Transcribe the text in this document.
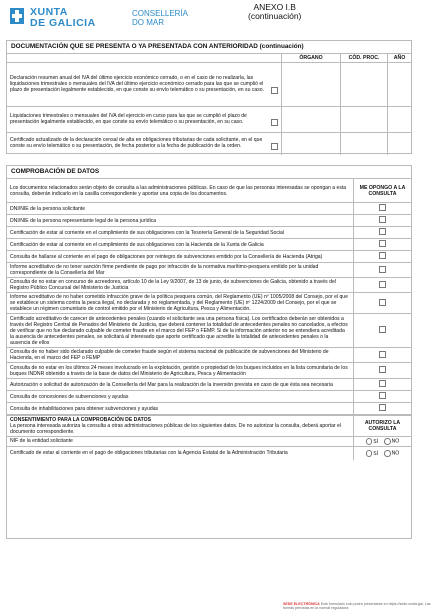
XUNTA
DE GALICIA
CONSELLERÍA
DO MAR
ANEXO I.B
(continuación)
DOCUMENTACIÓN QUE SE PRESENTA O YA PRESENTADA CON ANTERIORIDAD (continuación)
	ÓRGANO	CÓD. PROC.	AÑO
Declaración resumen anual del IVA del último ejercicio económico cerrado, o en el caso de no realizarla, las liquidaciones trimestrales o mensuales del IVA del último ejercicio económico cerrado para las que se cumplió el plazo de presentación legalmente establecido, en que conste su envío telemático o su presentación, en su caso.

Liquidaciones trimestrales o mensuales del IVA del ejercicio en curso para las que se cumplió el plazo de presentación legalmente establecido, en que conste su envío telemático o su presentación, en su caso.

Certificado actualizado de la declaración censal de alta en obligaciones tributarias de cada solicitante, en el que conste su envío telemático o su presentación, de fecha posterior a la fecha de publicación de la orden.

COMPROBACIÓN DE DATOS
Los documentos relacionados serán objeto de consulta a las administraciones públicas. En caso de que las personas interesadas se opongan a esta consulta, deberán indicarlo en la casilla correspondiente y aportar una copia de los documentos.	ME OPONGO A LA CONSULTA
DNI/NIE de la persona solicitante	
DNI/NIE de la persona representante legal de la persona jurídica	
Certificación de estar al corriente en el cumplimiento de sus obligaciones con la Tesorería General de la Seguridad Social	
Certificación de estar al corriente en el cumplimiento de sus obligaciones con la Hacienda de la Xunta de Galicia	
Consulta de hallarse al corriente en el pago de obligaciones por reintegro de subvenciones emitido por la Consellería de Hacienda (Atriga)	
Informe acreditativo de no tener sanción firme pendiente de pago por infracción de la normativa marítimo-pesquera emitido por la unidad correspondiente de la Consellería del Mar	
Consulta de no estar en concurso de acreedores, artículo 10 de la Ley 9/2007, de 13 de junio, de subvenciones de Galicia, obtenido a través del Registro Público Concursal del Ministerio de Justicia	
Informe acreditativo de no haber cometido infracción grave de la política pesquera común, del Reglamento (UE) nº 1005/2008 del Consejo, por el que se establece un sistema contra la pesca ilegal, no declarada y no reglamentada, y del Reglamento (UE) nº 1224/2009 del Consejo, por el que se establece un régimen comunitario de control emitido por el Ministerio de Agricultura, Pesca y Alimentación.	
Certificado acreditativo de carecer de antecedentes penales (cuando el solicitante sea una persona física). Los certificados deberán ser obtenidos a través del Registro Central de Penados del Ministerio de Justicia, que deberá contener la totalidad de antecedentes penales no cancelados, a efectos de verificar que no fue declarado culpable de cometer fraude en el marco del FEP o FEMP. Si de la información anterior no se entendiera acreditada la ausencia de antecedentes penales, se solicitará al interesado que aporte certificado que acredite la totalidad de antecedentes penales o la ausencia de ellos	
Consulta de no haber sido declarado culpable de cometer fraude según el sistema nacional de publicación de subvenciones del Ministerio de Hacienda, en el marco del FEP o FEMP	
Consulta de no estar en los últimos 24 meses involucrado en la explotación, gestión o propiedad de los buques incluidos en la lista comunitaria de los buques INDNR obtenido a través de la base de datos del Ministerio de Agricultura, Pesca y Alimentación	
Autorización o solicitud de autorización de la Consellería del Mar para la realización de la inversión prevista en caso de que ésta sea necesaria	
Consulta de concesiones de subvenciones y ayudas	
Consulta de inhabilitaciones para obtener subvenciones y ayudas	
CONSENTIMIENTO PARA LA COMPROBACIÓN DE DATOS
La persona interesada autoriza la consulta a otras administraciones públicas de los siguientes datos. De no autorizar la consulta, deberá aportar el documento correspondiente.	AUTORIZO LA CONSULTA
NIF de la entidad solicitante	SÍ NO
Certificado de estar al corriente en el pago de obligaciones tributarias con la Agencia Estatal de la Administración Tributaria	SÍ NO
SEDE ELECTRÓNICA Este formulario solo podrá presentarse en https://sede.xunta.gal. Las formas previstas en la normal reguladora
